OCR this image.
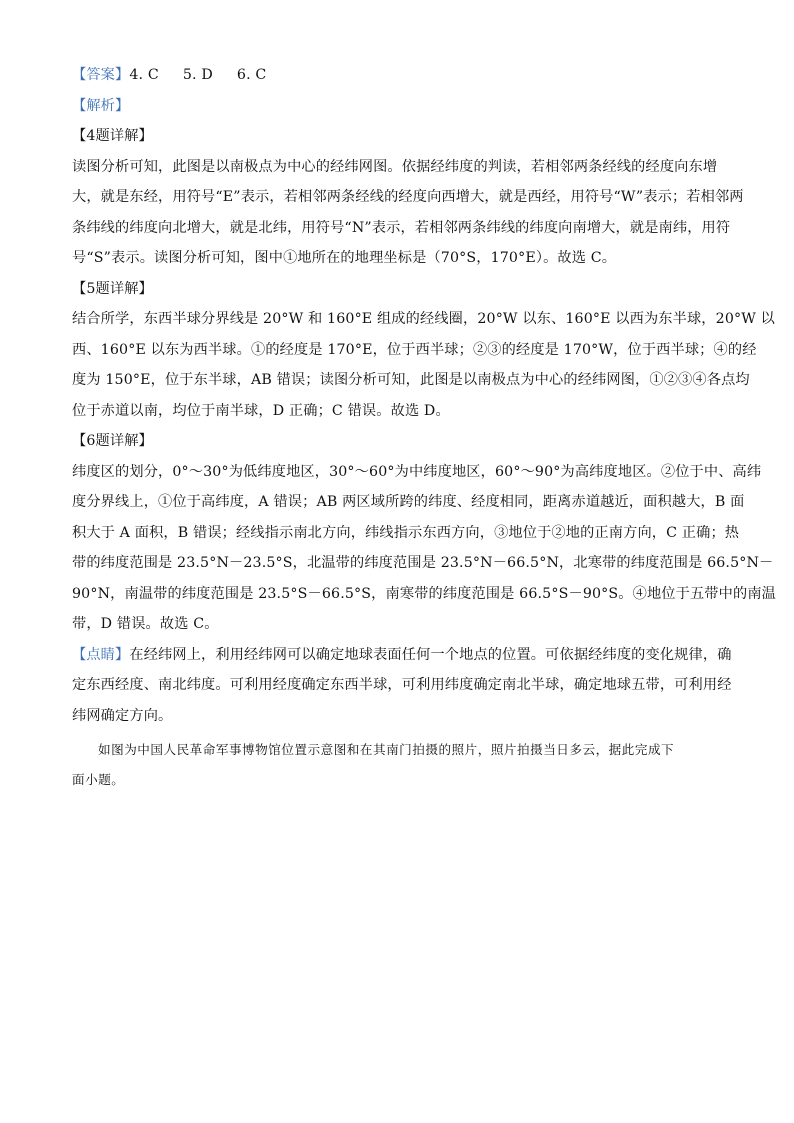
【答案】4. C 5. D 6. C
【解析】
【4题详解】
读图分析可知，此图是以南极点为中心的经纬网图。依据经纬度的判读，若相邻两条经线的经度向东增
大，就是东经，用符号“E”表示，若相邻两条经线的经度向西增大，就是西经，用符号“W”表示；若相邻两
条纬线的纬度向北增大，就是北纬，用符号“N”表示，若相邻两条纬线的纬度向南增大，就是南纬，用符
号“S”表示。读图分析可知，图中①地所在的地理坐标是（70°S，170°E）。故选 C。
【5题详解】
结合所学，东西半球分界线是 20°W 和 160°E 组成的经线圈，20°W 以东、160°E 以西为东半球，20°W 以
西、160°E 以东为西半球。①的经度是 170°E，位于西半球；②③的经度是 170°W，位于西半球；④的经
度为 150°E，位于东半球，AB 错误；读图分析可知，此图是以南极点为中心的经纬网图，①②③④各点均
位于赤道以南，均位于南半球，D 正确；C 错误。故选 D。
【6题详解】
纬度区的划分，0°～30°为低纬度地区，30°～60°为中纬度地区，60°～90°为高纬度地区。②位于中、高纬
度分界线上，①位于高纬度，A 错误；AB 两区域所跨的纬度、经度相同，距离赤道越近，面积越大，B 面
积大于 A 面积，B 错误；经线指示南北方向，纬线指示东西方向，③地位于②地的正南方向，C 正确；热
带的纬度范围是 23.5°N－23.5°S，北温带的纬度范围是 23.5°N－66.5°N，北寒带的纬度范围是 66.5°N－
90°N，南温带的纬度范围是 23.5°S－66.5°S，南寒带的纬度范围是 66.5°S－90°S。④地位于五带中的南温
带，D 错误。故选 C。
【点睛】在经纬网上，利用经纬网可以确定地球表面任何一个地点的位置。可依据经纬度的变化规律，确
定东西经度、南北纬度。可利用经度确定东西半球，可利用纬度确定南北半球，确定地球五带，可利用经
纬网确定方向。
如图为中国人民革命军事博物馆位置示意图和在其南门拍摄的照片，照片拍摄当日多云，据此完成下
面小题。
